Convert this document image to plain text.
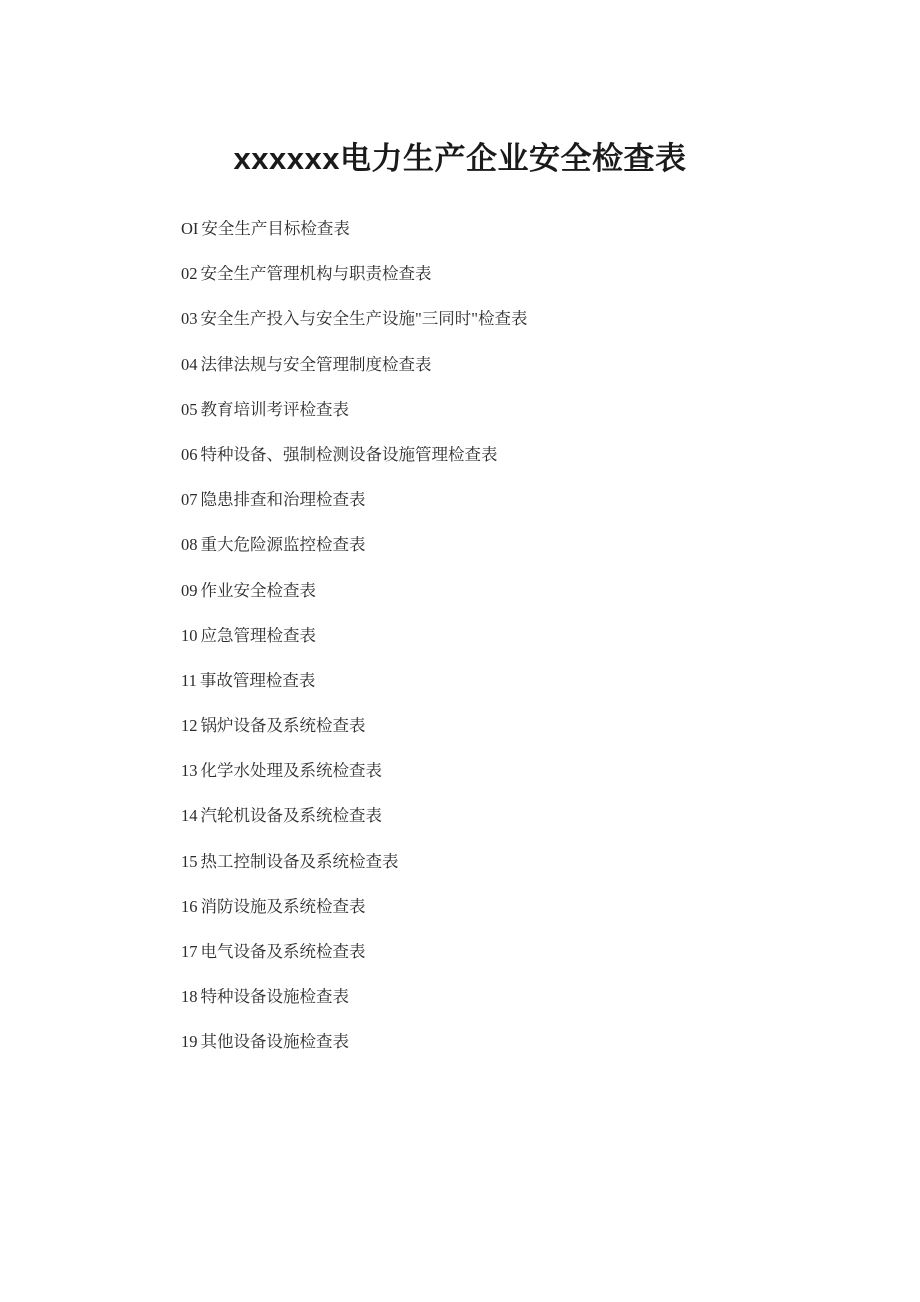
xxxxxx电力生产企业安全检查表
OI 安全生产目标检查表
02 安全生产管理机构与职责检查表
03 安全生产投入与安全生产设施"三同时"检查表
04 法律法规与安全管理制度检查表
05 教育培训考评检查表
06 特种设备、强制检测设备设施管理检查表
07 隐患排查和治理检查表
08 重大危险源监控检查表
09 作业安全检查表
10 应急管理检查表
11 事故管理检查表
12 锅炉设备及系统检查表
13 化学水处理及系统检查表
14 汽轮机设备及系统检查表
15 热工控制设备及系统检查表
16 消防设施及系统检查表
17 电气设备及系统检查表
18 特种设备设施检查表
19 其他设备设施检查表
